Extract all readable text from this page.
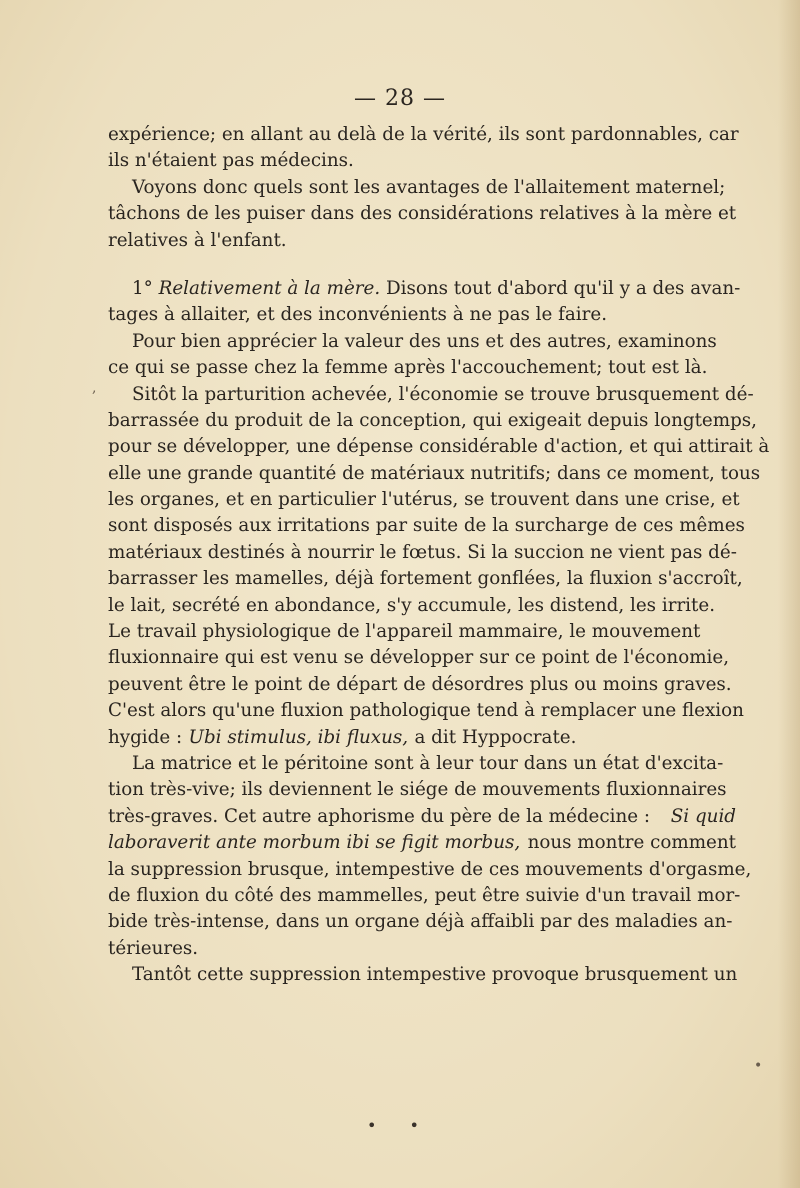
— 28 —
expérience; en allant au delà de la vérité, ils sont pardonnables, car
ils n'étaient pas médecins.
Voyons donc quels sont les avantages de l'allaitement maternel;
tâchons de les puiser dans des considérations relatives à la mère et
relatives à l'enfant.
1° Relativement à la mère. Disons tout d'abord qu'il y a des avan-
tages à allaiter, et des inconvénients à ne pas le faire.
Pour bien apprécier la valeur des uns et des autres, examinons
ce qui se passe chez la femme après l'accouchement; tout est là.
Sitôt la parturition achevée, l'économie se trouve brusquement dé-
barrassée du produit de la conception, qui exigeait depuis longtemps,
pour se développer, une dépense considérable d'action, et qui attirait à
elle une grande quantité de matériaux nutritifs; dans ce moment, tous
les organes, et en particulier l'utérus, se trouvent dans une crise, et
sont disposés aux irritations par suite de la surcharge de ces mêmes
matériaux destinés à nourrir le fœtus. Si la succion ne vient pas dé-
barrasser les mamelles, déjà fortement gonflées, la fluxion s'accroît,
le lait, secrété en abondance, s'y accumule, les distend, les irrite.
Le travail physiologique de l'appareil mammaire, le mouvement
fluxionnaire qui est venu se développer sur ce point de l'économie,
peuvent être le point de départ de désordres plus ou moins graves.
C'est alors qu'une fluxion pathologique tend à remplacer une flexion
hygide : Ubi stimulus, ibi fluxus, a dit Hyppocrate.
La matrice et le péritoine sont à leur tour dans un état d'excita-
tion très-vive; ils deviennent le siége de mouvements fluxionnaires
très-graves. Cet autre aphorisme du père de la médecine : Si quid
laboraverit ante morbum ibi se figit morbus, nous montre comment
la suppression brusque, intempestive de ces mouvements d'orgasme,
de fluxion du côté des mammelles, peut être suivie d'un travail mor-
bide très-intense, dans un organe déjà affaibli par des maladies an-
térieures.
Tantôt cette suppression intempestive provoque brusquement un
• •
,
•
